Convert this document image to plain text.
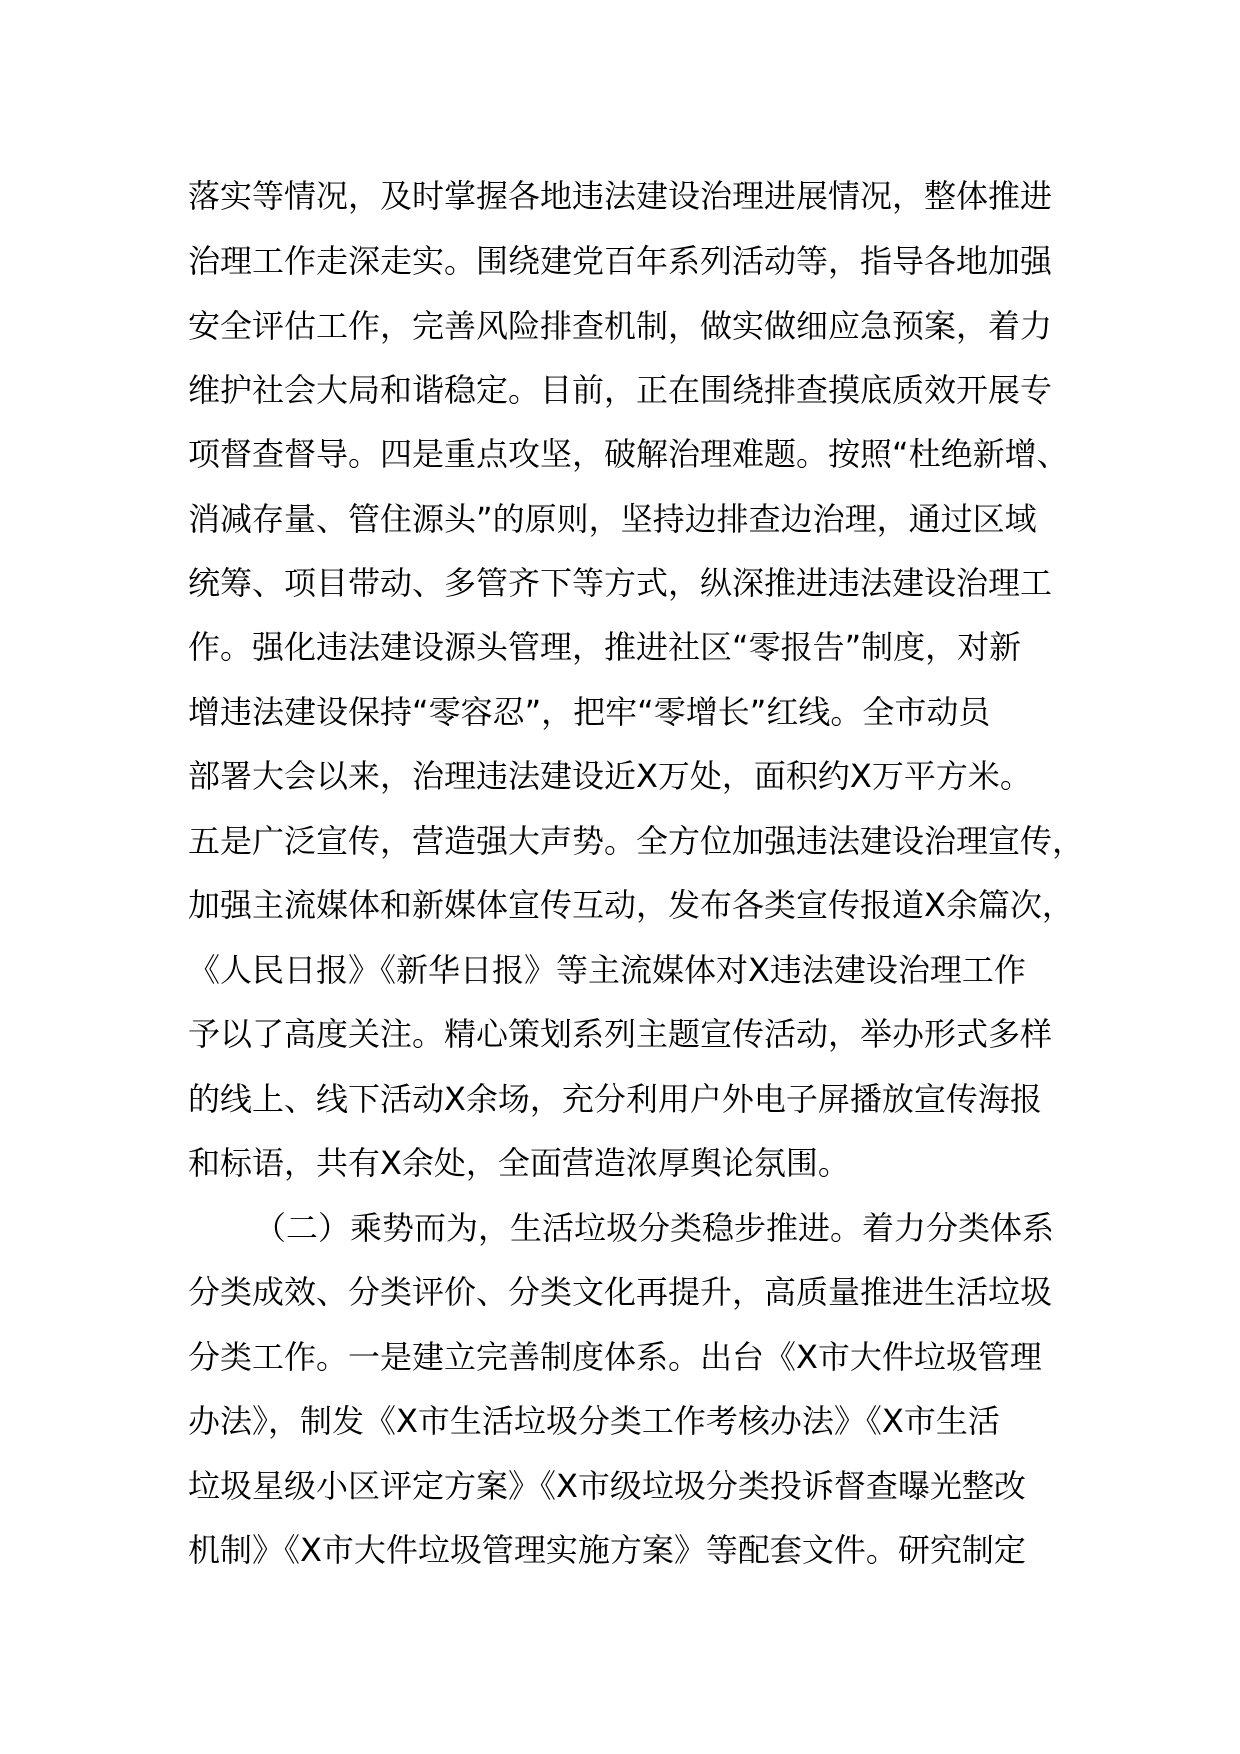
落实等情况，及时掌握各地违法建设治理进展情况，整体推进
治理工作走深走实。围绕建党百年系列活动等，指导各地加强
安全评估工作，完善风险排查机制，做实做细应急预案，着力
维护社会大局和谐稳定。目前，正在围绕排查摸底质效开展专
项督查督导。四是重点攻坚，破解治理难题。按照“杜绝新增、
消减存量、管住源头”的原则，坚持边排查边治理，通过区域
统筹、项目带动、多管齐下等方式，纵深推进违法建设治理工
作。强化违法建设源头管理，推进社区“零报告”制度，对新
增违法建设保持“零容忍”，把牢“零增长”红线。全市动员
部署大会以来，治理违法建设近X万处，面积约X万平方米。
五是广泛宣传，营造强大声势。全方位加强违法建设治理宣传，
加强主流媒体和新媒体宣传互动，发布各类宣传报道X余篇次，
《人民日报》《新华日报》等主流媒体对X违法建设治理工作
予以了高度关注。精心策划系列主题宣传活动，举办形式多样
的线上、线下活动X余场，充分利用户外电子屏播放宣传海报
和标语，共有X余处，全面营造浓厚舆论氛围。
（二）乘势而为，生活垃圾分类稳步推进。着力分类体系
分类成效、分类评价、分类文化再提升，高质量推进生活垃圾
分类工作。一是建立完善制度体系。出台《X市大件垃圾管理
办法》，制发《X市生活垃圾分类工作考核办法》《X市生活
垃圾星级小区评定方案》《X市级垃圾分类投诉督查曝光整改
机制》《X市大件垃圾管理实施方案》等配套文件。研究制定
